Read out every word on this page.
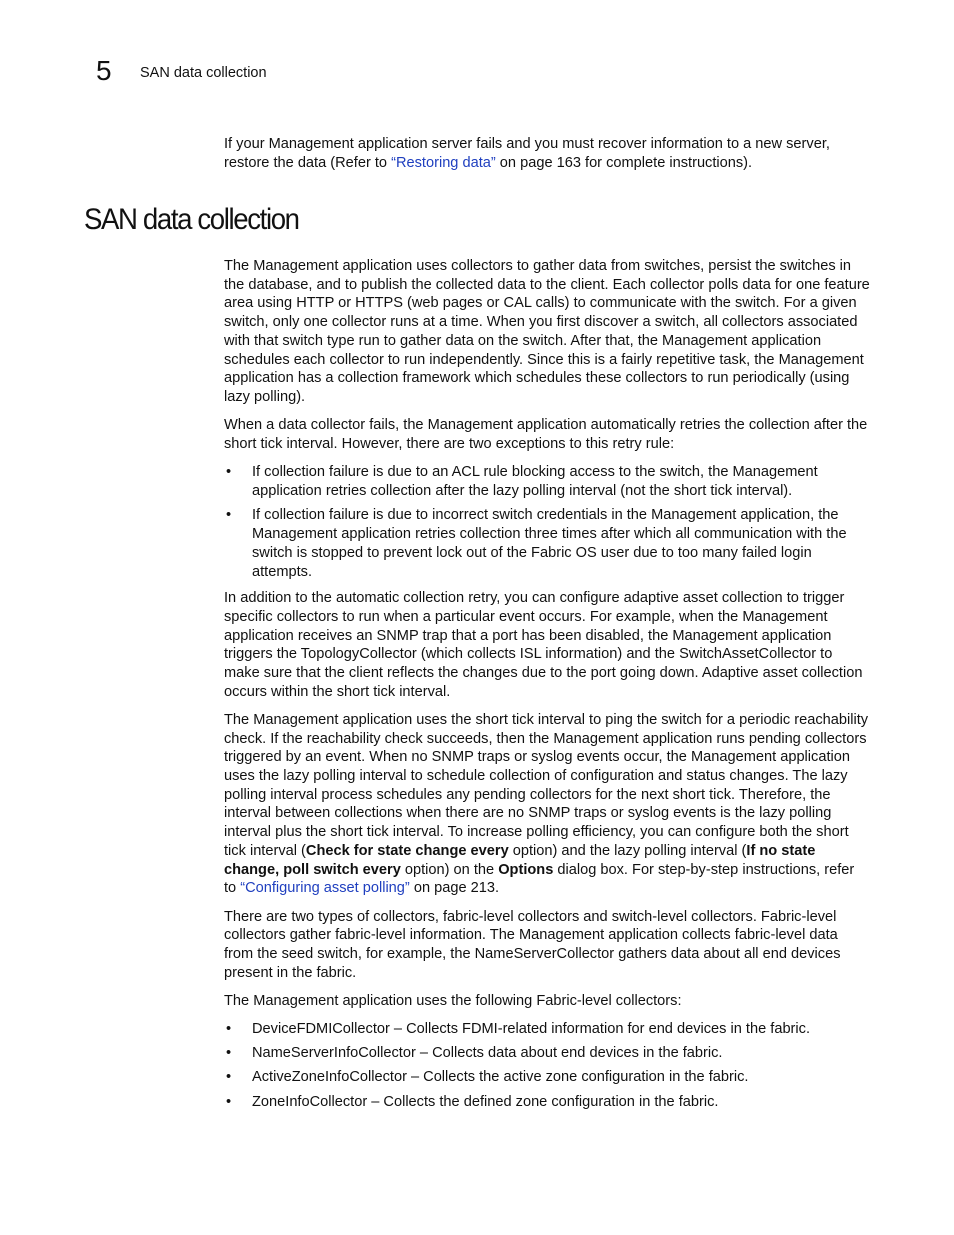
5 SAN data collection

If your Management application server fails and you must recover information to a new server, restore the data (Refer to “Restoring data” on page 163 for complete instructions).

SAN data collection

The Management application uses collectors to gather data from switches, persist the switches in the database, and to publish the collected data to the client. Each collector polls data for one feature area using HTTP or HTTPS (web pages or CAL calls) to communicate with the switch. For a given switch, only one collector runs at a time. When you first discover a switch, all collectors associated with that switch type run to gather data on the switch. After that, the Management application schedules each collector to run independently. Since this is a fairly repetitive task, the Management application has a collection framework which schedules these collectors to run periodically (using lazy polling).

When a data collector fails, the Management application automatically retries the collection after the short tick interval. However, there are two exceptions to this retry rule:

• If collection failure is due to an ACL rule blocking access to the switch, the Management application retries collection after the lazy polling interval (not the short tick interval).
• If collection failure is due to incorrect switch credentials in the Management application, the Management application retries collection three times after which all communication with the switch is stopped to prevent lock out of the Fabric OS user due to too many failed login attempts.

In addition to the automatic collection retry, you can configure adaptive asset collection to trigger specific collectors to run when a particular event occurs. For example, when the Management application receives an SNMP trap that a port has been disabled, the Management application triggers the TopologyCollector (which collects ISL information) and the SwitchAssetCollector to make sure that the client reflects the changes due to the port going down. Adaptive asset collection occurs within the short tick interval.

The Management application uses the short tick interval to ping the switch for a periodic reachability check. If the reachability check succeeds, then the Management application runs pending collectors triggered by an event. When no SNMP traps or syslog events occur, the Management application uses the lazy polling interval to schedule collection of configuration and status changes. The lazy polling interval process schedules any pending collectors for the next short tick. Therefore, the interval between collections when there are no SNMP traps or syslog events is the lazy polling interval plus the short tick interval. To increase polling efficiency, you can configure both the short tick interval (Check for state change every option) and the lazy polling interval (If no state change, poll switch every option) on the Options dialog box. For step-by-step instructions, refer to “Configuring asset polling” on page 213.

There are two types of collectors, fabric-level collectors and switch-level collectors. Fabric-level collectors gather fabric-level information. The Management application collects fabric-level data from the seed switch, for example, the NameServerCollector gathers data about all end devices present in the fabric.

The Management application uses the following Fabric-level collectors:

• DeviceFDMICollector – Collects FDMI-related information for end devices in the fabric.
• NameServerInfoCollector – Collects data about end devices in the fabric.
• ActiveZoneInfoCollector – Collects the active zone configuration in the fabric.
• ZoneInfoCollector – Collects the defined zone configuration in the fabric.
